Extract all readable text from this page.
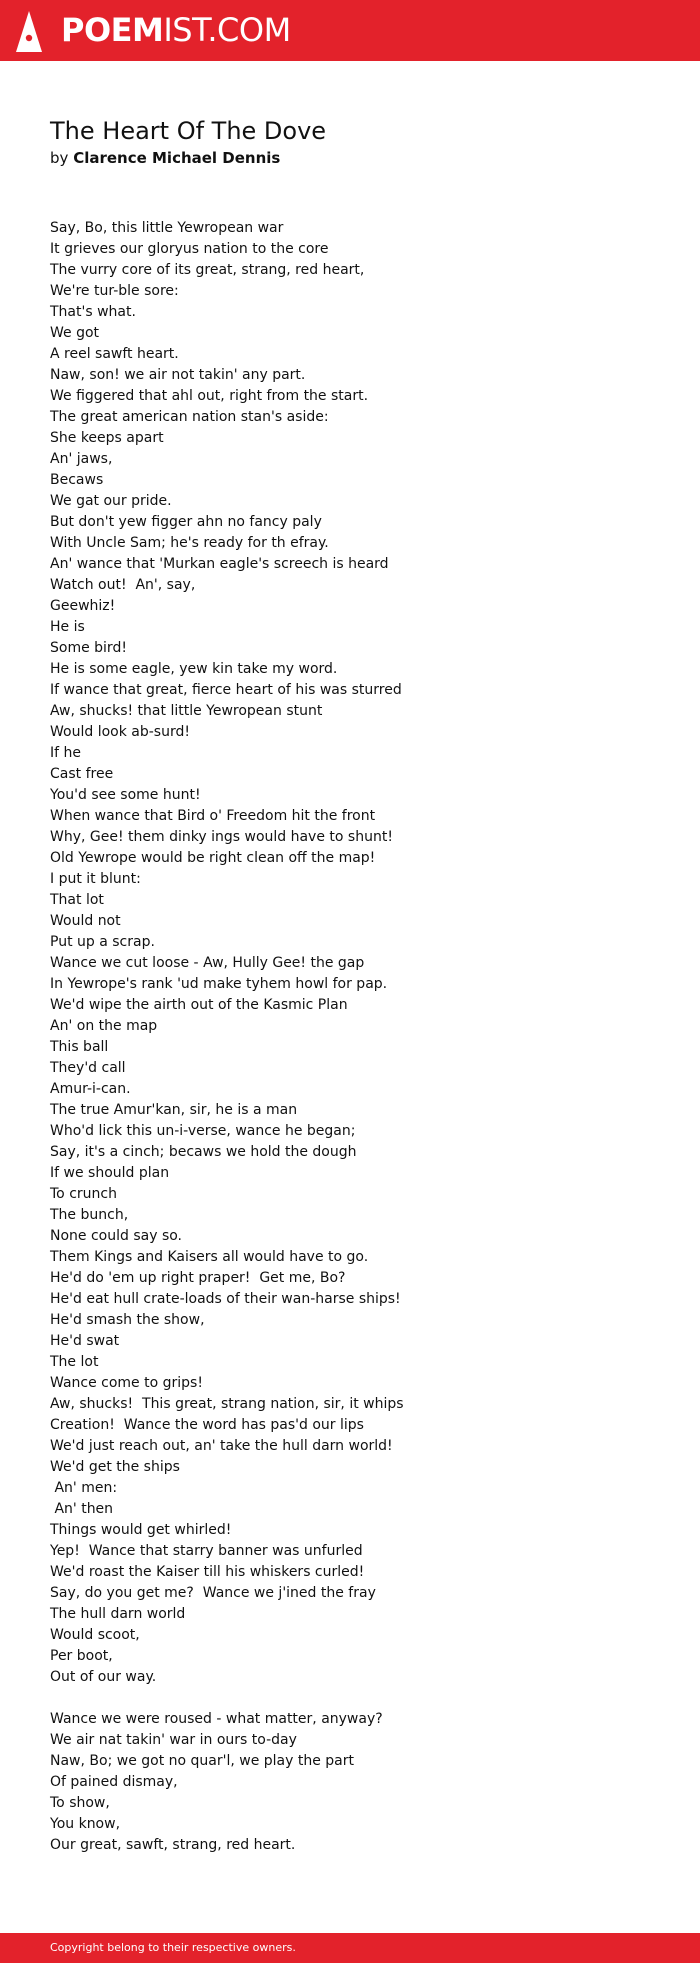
POEMIST.COM
The Heart Of The Dove
by Clarence Michael Dennis
Say, Bo, this little Yewropean war
It grieves our gloryus nation to the core
The vurry core of its great, strang, red heart,
We're tur-ble sore:
That's what.
We got
A reel sawft heart.
Naw, son! we air not takin' any part.
We figgered that ahl out, right from the start.
The great american nation stan's aside:
She keeps apart
An' jaws,
Becaws
We gat our pride.
But don't yew figger ahn no fancy paly
With Uncle Sam; he's ready for th efray.
An' wance that 'Murkan eagle's screech is heard
Watch out!  An', say,
Geewhiz!
He is
Some bird!
He is some eagle, yew kin take my word.
If wance that great, fierce heart of his was sturred
Aw, shucks! that little Yewropean stunt
Would look ab-surd!
If he
Cast free
You'd see some hunt!
When wance that Bird o' Freedom hit the front
Why, Gee! them dinky ings would have to shunt!
Old Yewrope would be right clean off the map!
I put it blunt:
That lot
Would not
Put up a scrap.
Wance we cut loose - Aw, Hully Gee! the gap
In Yewrope's rank 'ud make tyhem howl for pap.
We'd wipe the airth out of the Kasmic Plan
An' on the map
This ball
They'd call
Amur-i-can.
The true Amur'kan, sir, he is a man
Who'd lick this un-i-verse, wance he began;
Say, it's a cinch; becaws we hold the dough
If we should plan
To crunch
The bunch,
None could say so.
Them Kings and Kaisers all would have to go.
He'd do 'em up right praper!  Get me, Bo?
He'd eat hull crate-loads of their wan-harse ships!
He'd smash the show,
He'd swat
The lot
Wance come to grips!
Aw, shucks!  This great, strang nation, sir, it whips
Creation!  Wance the word has pas'd our lips
We'd just reach out, an' take the hull darn world!
We'd get the ships
An' men:
An' then
Things would get whirled!
Yep!  Wance that starry banner was unfurled
We'd roast the Kaiser till his whiskers curled!
Say, do you get me?  Wance we j'ined the fray
The hull darn world
Would scoot,
Per boot,
Out of our way.
Wance we were roused - what matter, anyway?
We air nat takin' war in ours to-day
Naw, Bo; we got no quar'l, we play the part
Of pained dismay,
To show,
You know,
Our great, sawft, strang, red heart.
Copyright belong to their respective owners.
